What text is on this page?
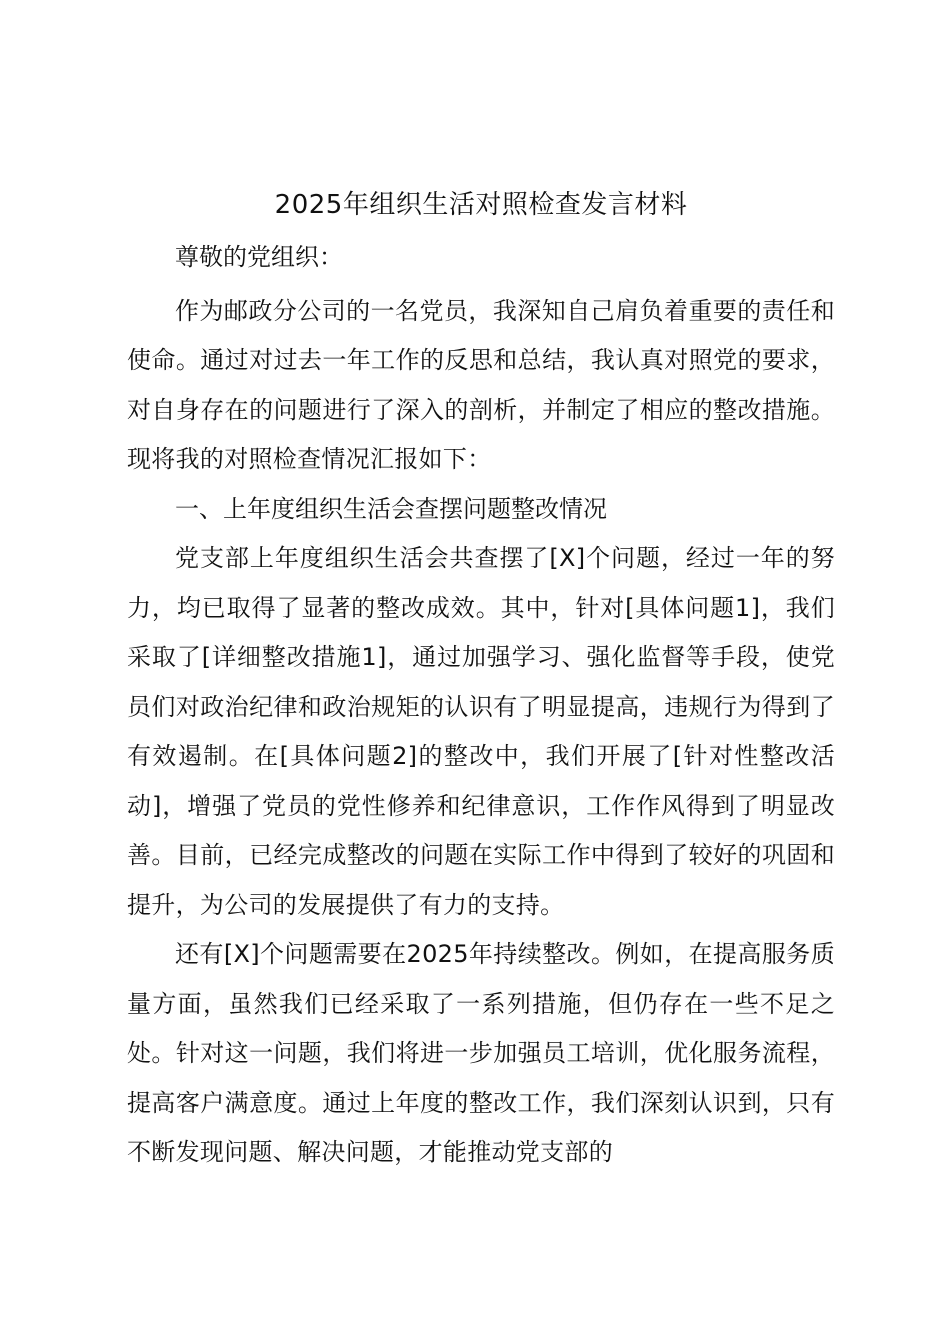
2025年组织生活对照检查发言材料

尊敬的党组织：

作为邮政分公司的一名党员，我深知自己肩负着重要的责任和使命。通过对过去一年工作的反思和总结，我认真对照党的要求，对自身存在的问题进行了深入的剖析，并制定了相应的整改措施。现将我的对照检查情况汇报如下：

一、上年度组织生活会查摆问题整改情况

党支部上年度组织生活会共查摆了[X]个问题，经过一年的努力，均已取得了显著的整改成效。其中，针对[具体问题1]，我们采取了[详细整改措施1]，通过加强学习、强化监督等手段，使党员们对政治纪律和政治规矩的认识有了明显提高，违规行为得到了有效遏制。在[具体问题2]的整改中，我们开展了[针对性整改活动]，增强了党员的党性修养和纪律意识，工作作风得到了明显改善。目前，已经完成整改的问题在实际工作中得到了较好的巩固和提升，为公司的发展提供了有力的支持。

还有[X]个问题需要在2025年持续整改。例如，在提高服务质量方面，虽然我们已经采取了一系列措施，但仍存在一些不足之处。针对这一问题，我们将进一步加强员工培训，优化服务流程，提高客户满意度。通过上年度的整改工作，我们深刻认识到，只有不断发现问题、解决问题，才能推动党支部的
